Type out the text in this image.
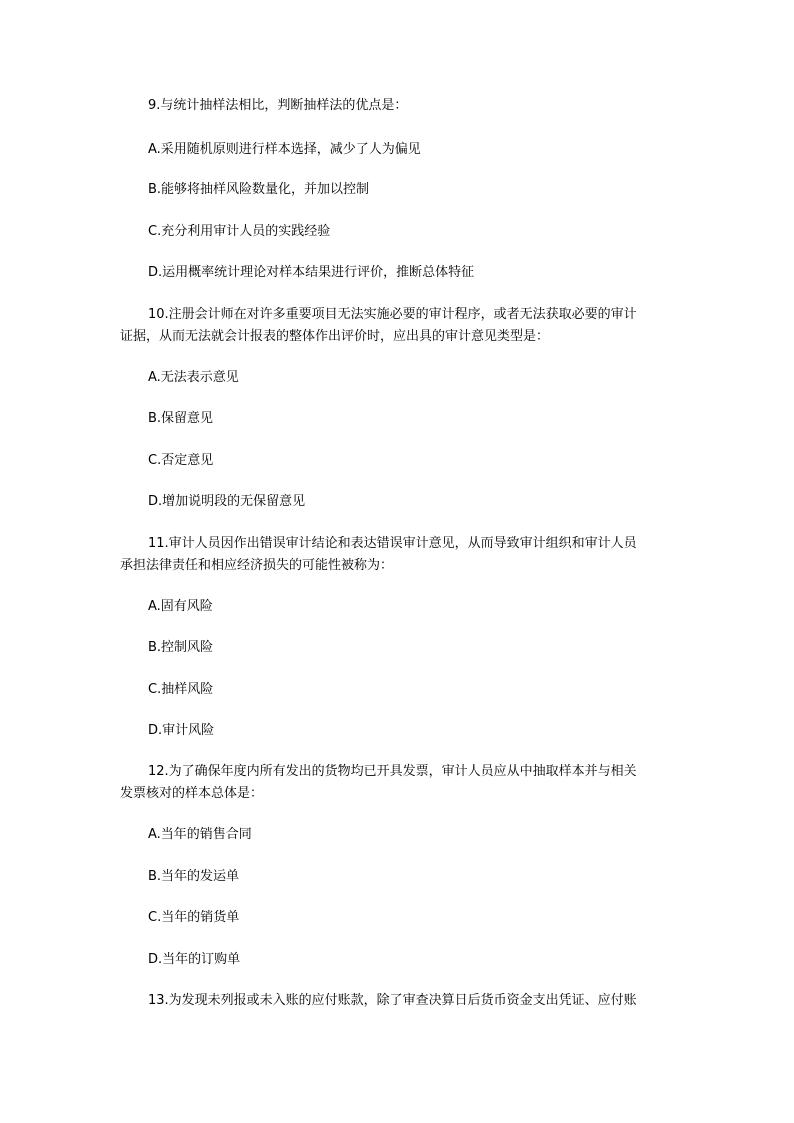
9.与统计抽样法相比，判断抽样法的优点是：
A.采用随机原则进行样本选择，减少了人为偏见
B.能够将抽样风险数量化，并加以控制
C.充分利用审计人员的实践经验
D.运用概率统计理论对样本结果进行评价，推断总体特征
10.注册会计师在对许多重要项目无法实施必要的审计程序，或者无法获取必要的审计
证据，从而无法就会计报表的整体作出评价时，应出具的审计意见类型是：
A.无法表示意见
B.保留意见
C.否定意见
D.增加说明段的无保留意见
11.审计人员因作出错误审计结论和表达错误审计意见，从而导致审计组织和审计人员
承担法律责任和相应经济损失的可能性被称为：
A.固有风险
B.控制风险
C.抽样风险
D.审计风险
12.为了确保年度内所有发出的货物均已开具发票，审计人员应从中抽取样本并与相关
发票核对的样本总体是：
A.当年的销售合同
B.当年的发运单
C.当年的销货单
D.当年的订购单
13.为发现未列报或未入账的应付账款，除了审查决算日后货币资金支出凭证、应付账
